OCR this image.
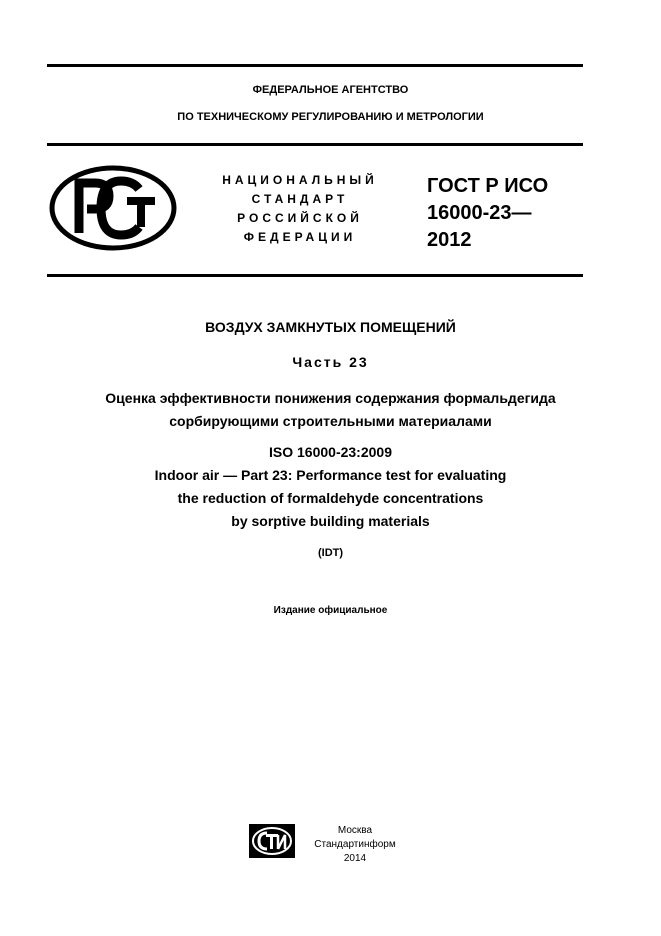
ФЕДЕРАЛЬНОЕ АГЕНТСТВО
ПО ТЕХНИЧЕСКОМУ РЕГУЛИРОВАНИЮ И МЕТРОЛОГИИ
НАЦИОНАЛЬНЫЙ
СТАНДАРТ
РОССИЙСКОЙ
ФЕДЕРАЦИИ
ГОСТ Р ИСО
16000-23—
2012
ВОЗДУХ ЗАМКНУТЫХ ПОМЕЩЕНИЙ
Часть 23
Оценка эффективности понижения содержания формальдегида
сорбирующими строительными материалами
ISO 16000-23:2009
Indoor air — Part 23: Performance test for evaluating
the reduction of formaldehyde concentrations
by sorptive building materials
(IDT)
Издание официальное
Москва
Стандартинформ
2014
